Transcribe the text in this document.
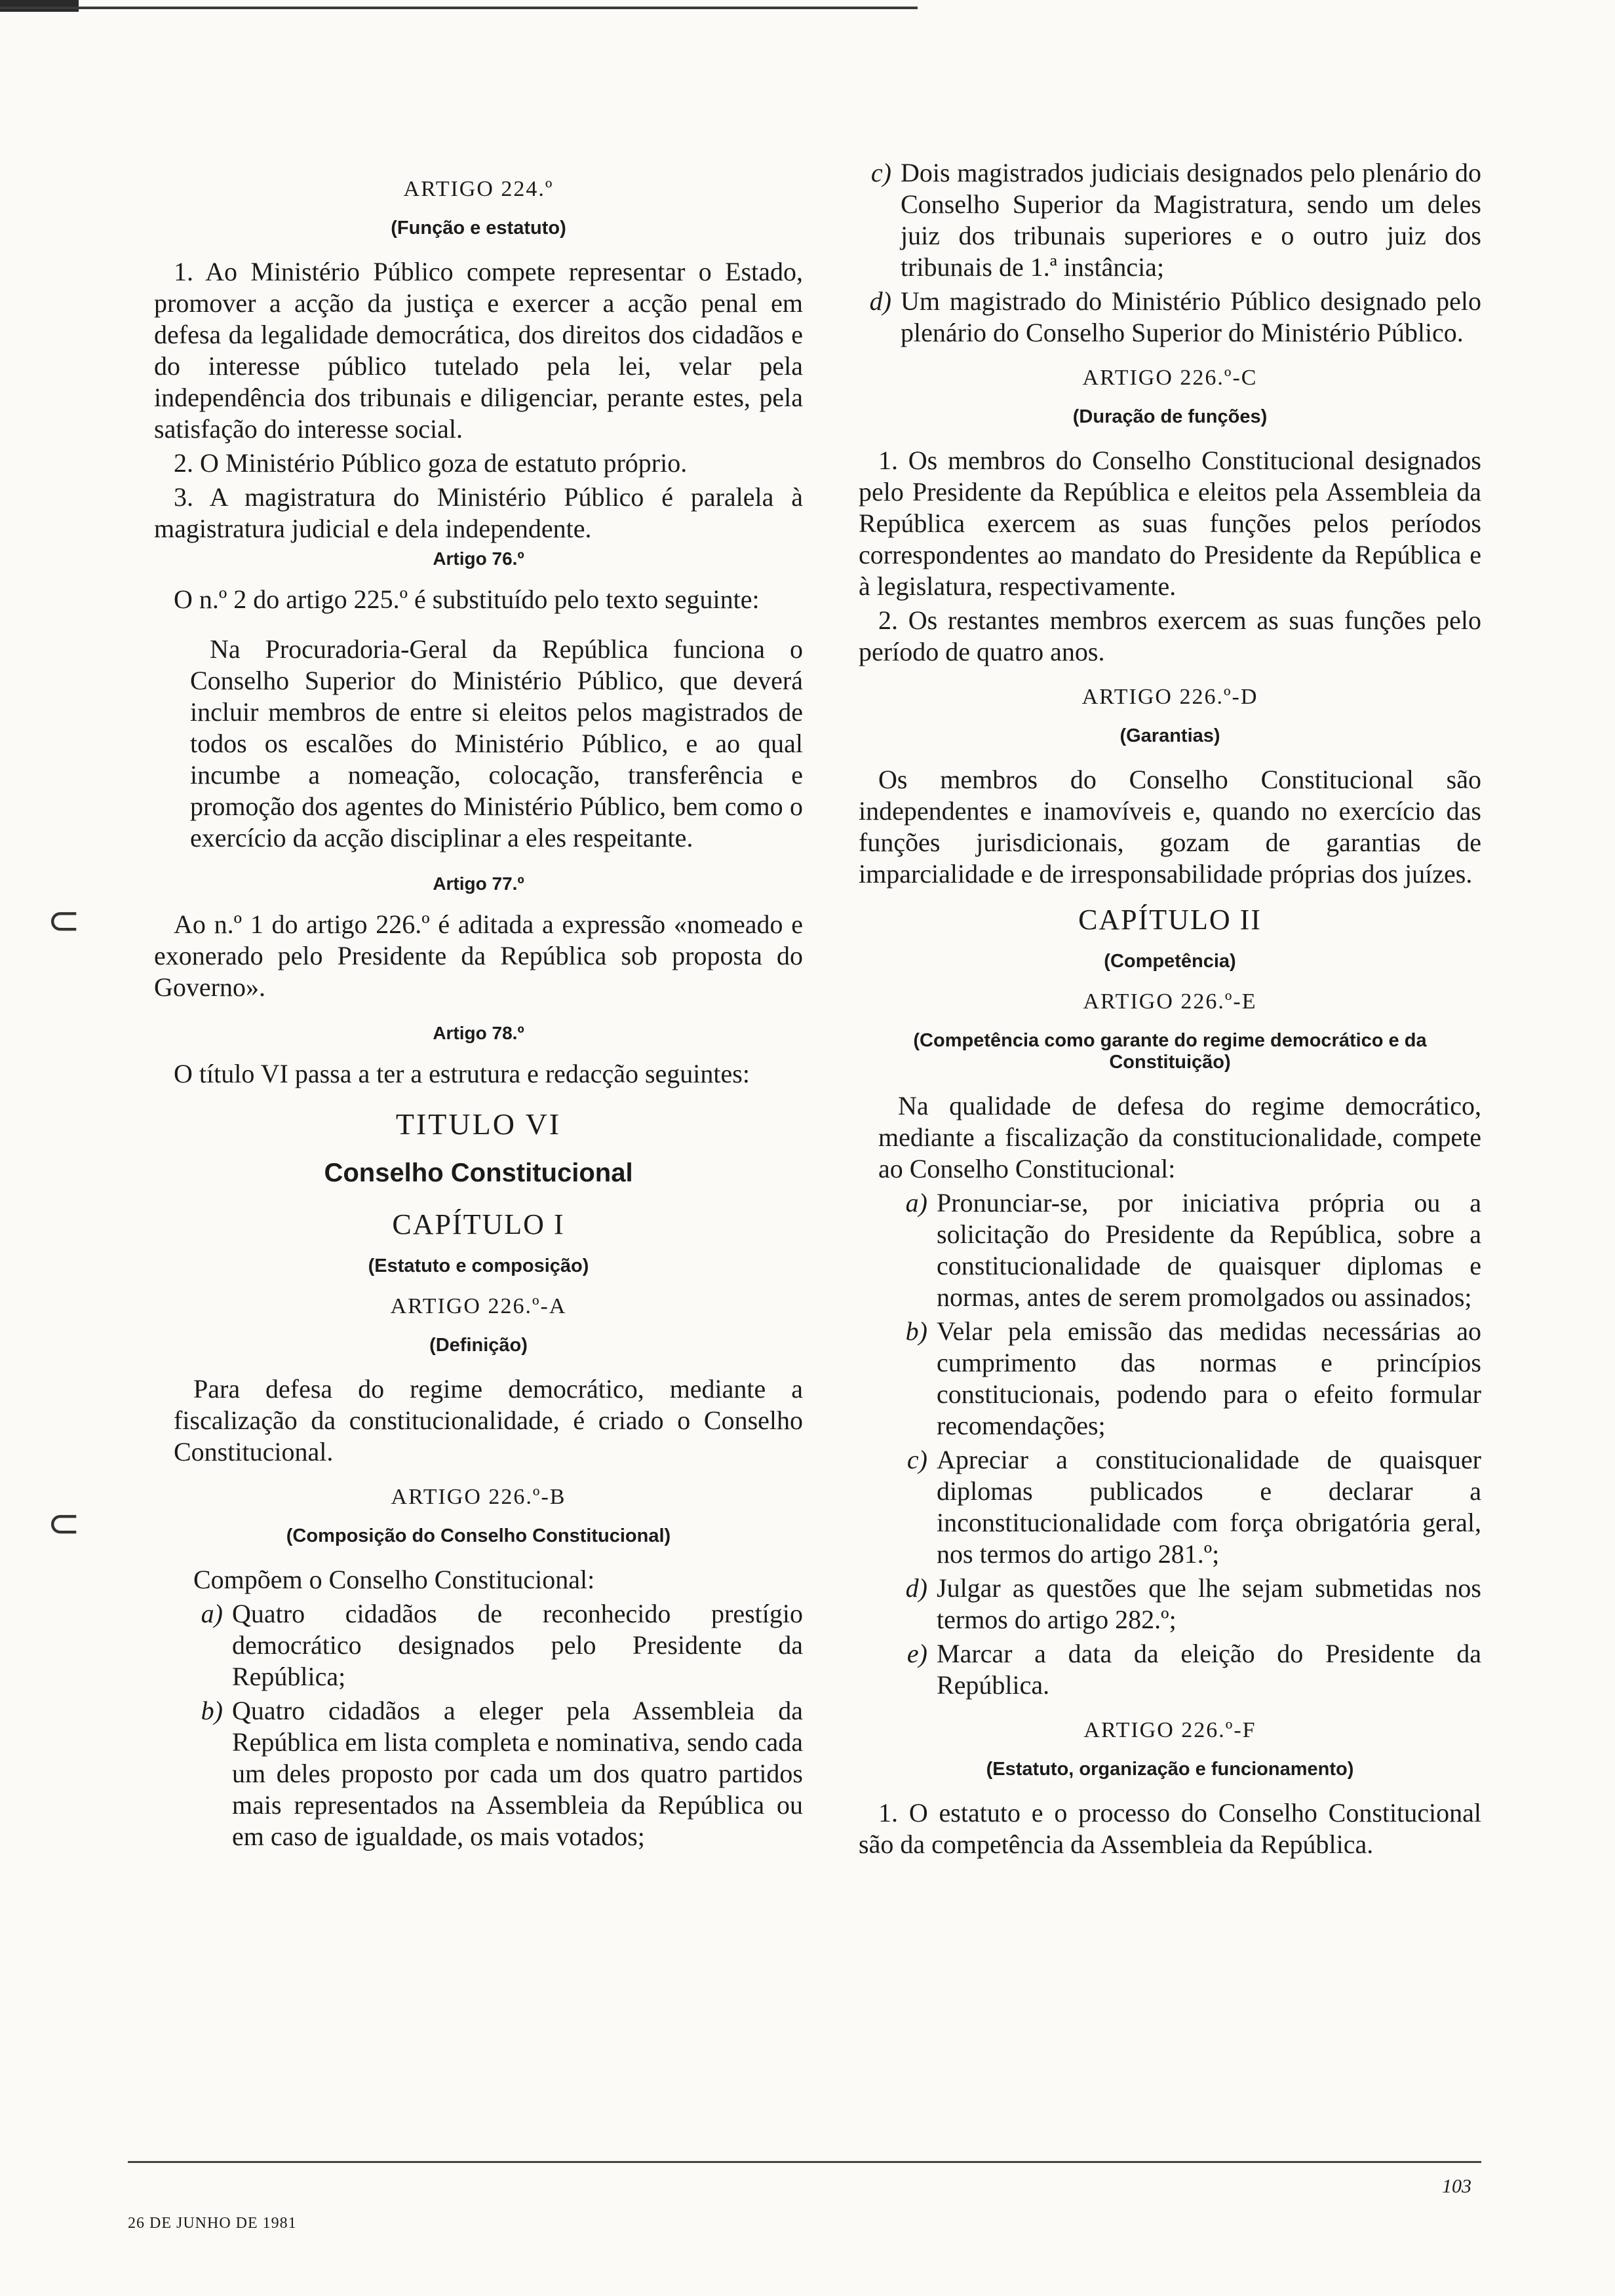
⊂
⊂

ARTIGO 224.º

(Função e estatuto)

1. Ao Ministério Público compete representar o Estado, promover a acção da justiça e exercer a acção penal em defesa da legalidade democrática, dos direitos dos cidadãos e do interesse público tutelado pela lei, velar pela independência dos tribunais e diligenciar, perante estes, pela satisfação do interesse social.

2. O Ministério Público goza de estatuto próprio.

3. A magistratura do Ministério Público é paralela à magistratura judicial e dela independente.

Artigo 76.º

O n.º 2 do artigo 225.º é substituído pelo texto seguinte:

Na Procuradoria-Geral da República funciona o Conselho Superior do Ministério Público, que deverá incluir membros de entre si eleitos pelos magistrados de todos os escalões do Ministério Público, e ao qual incumbe a nomeação, colocação, transferência e promoção dos agentes do Ministério Público, bem como o exercício da acção disciplinar a eles respeitante.

Artigo 77.º

Ao n.º 1 do artigo 226.º é aditada a expressão «nomeado e exonerado pelo Presidente da República sob proposta do Governo».

Artigo 78.º

O título VI passa a ter a estrutura e redacção seguintes:

TITULO VI

Conselho Constitucional

CAPÍTULO I

(Estatuto e composição)

ARTIGO 226.º-A

(Definição)

Para defesa do regime democrático, mediante a fiscalização da constitucionalidade, é criado o Conselho Constitucional.

ARTIGO 226.º-B

(Composição do Conselho Constitucional)

Compõem o Conselho Constitucional:

a) Quatro cidadãos de reconhecido prestígio democrático designados pelo Presidente da República;
b) Quatro cidadãos a eleger pela Assembleia da República em lista completa e nominativa, sendo cada um deles proposto por cada um dos quatro partidos mais representados na Assembleia da República ou em caso de igualdade, os mais votados;
c) Dois magistrados judiciais designados pelo plenário do Conselho Superior da Magistratura, sendo um deles juiz dos tribunais superiores e o outro juiz dos tribunais de 1.ª instância;
d) Um magistrado do Ministério Público designado pelo plenário do Conselho Superior do Ministério Público.

ARTIGO 226.º-C

(Duração de funções)

1. Os membros do Conselho Constitucional designados pelo Presidente da República e eleitos pela Assembleia da República exercem as suas funções pelos períodos correspondentes ao mandato do Presidente da República e à legislatura, respectivamente.

2. Os restantes membros exercem as suas funções pelo período de quatro anos.

ARTIGO 226.º-D

(Garantias)

Os membros do Conselho Constitucional são independentes e inamovíveis e, quando no exercício das funções jurisdicionais, gozam de garantias de imparcialidade e de irresponsabilidade próprias dos juízes.

CAPÍTULO II

(Competência)

ARTIGO 226.º-E

(Competência como garante do regime democrático e da Constituição)

Na qualidade de defesa do regime democrático, mediante a fiscalização da constitucionalidade, compete ao Conselho Constitucional:

a) Pronunciar-se, por iniciativa própria ou a solicitação do Presidente da República, sobre a constitucionalidade de quaisquer diplomas e normas, antes de serem promolgados ou assinados;
b) Velar pela emissão das medidas necessárias ao cumprimento das normas e princípios constitucionais, podendo para o efeito formular recomendações;
c) Apreciar a constitucionalidade de quaisquer diplomas publicados e declarar a inconstitucionalidade com força obrigatória geral, nos termos do artigo 281.º;
d) Julgar as questões que lhe sejam submetidas nos termos do artigo 282.º;
e) Marcar a data da eleição do Presidente da República.

ARTIGO 226.º-F

(Estatuto, organização e funcionamento)

1. O estatuto e o processo do Conselho Constitucional são da competência da Assembleia da República.

26 DE JUNHO DE 1981
103
